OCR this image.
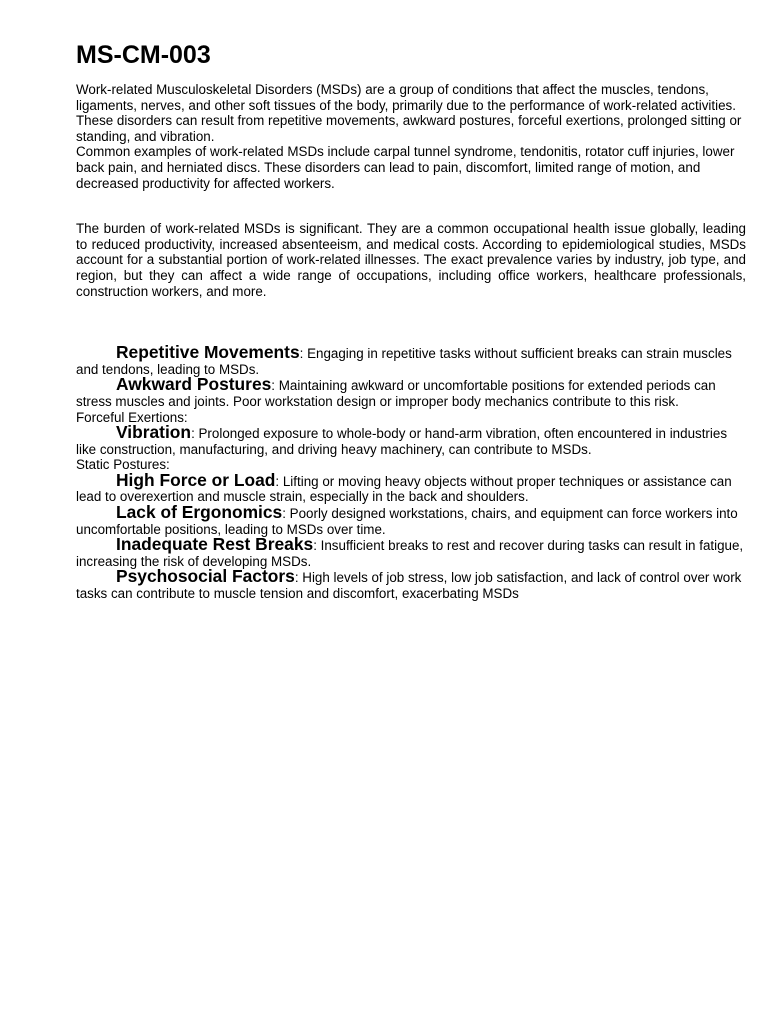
MS-CM-003

Work-related Musculoskeletal Disorders (MSDs) are a group of conditions that affect the muscles, tendons, ligaments, nerves, and other soft tissues of the body, primarily due to the performance of work-related activities. These disorders can result from repetitive movements, awkward postures, forceful exertions, prolonged sitting or standing, and vibration.

Common examples of work-related MSDs include carpal tunnel syndrome, tendonitis, rotator cuff injuries, lower back pain, and herniated discs. These disorders can lead to pain, discomfort, limited range of motion, and decreased productivity for affected workers.

The burden of work-related MSDs is significant. They are a common occupational health issue globally, leading to reduced productivity, increased absenteeism, and medical costs. According to epidemiological studies, MSDs account for a substantial portion of work-related illnesses. The exact prevalence varies by industry, job type, and region, but they can affect a wide range of occupations, including office workers, healthcare professionals, construction workers, and more.

Repetitive Movements: Engaging in repetitive tasks without sufficient breaks can strain muscles and tendons, leading to MSDs.

Awkward Postures: Maintaining awkward or uncomfortable positions for extended periods can stress muscles and joints. Poor workstation design or improper body mechanics contribute to this risk.

Forceful Exertions:

Vibration: Prolonged exposure to whole-body or hand-arm vibration, often encountered in industries like construction, manufacturing, and driving heavy machinery, can contribute to MSDs.

Static Postures:

High Force or Load: Lifting or moving heavy objects without proper techniques or assistance can lead to overexertion and muscle strain, especially in the back and shoulders.

Lack of Ergonomics: Poorly designed workstations, chairs, and equipment can force workers into uncomfortable positions, leading to MSDs over time.

Inadequate Rest Breaks: Insufficient breaks to rest and recover during tasks can result in fatigue, increasing the risk of developing MSDs.

Psychosocial Factors: High levels of job stress, low job satisfaction, and lack of control over work tasks can contribute to muscle tension and discomfort, exacerbating MSDs
